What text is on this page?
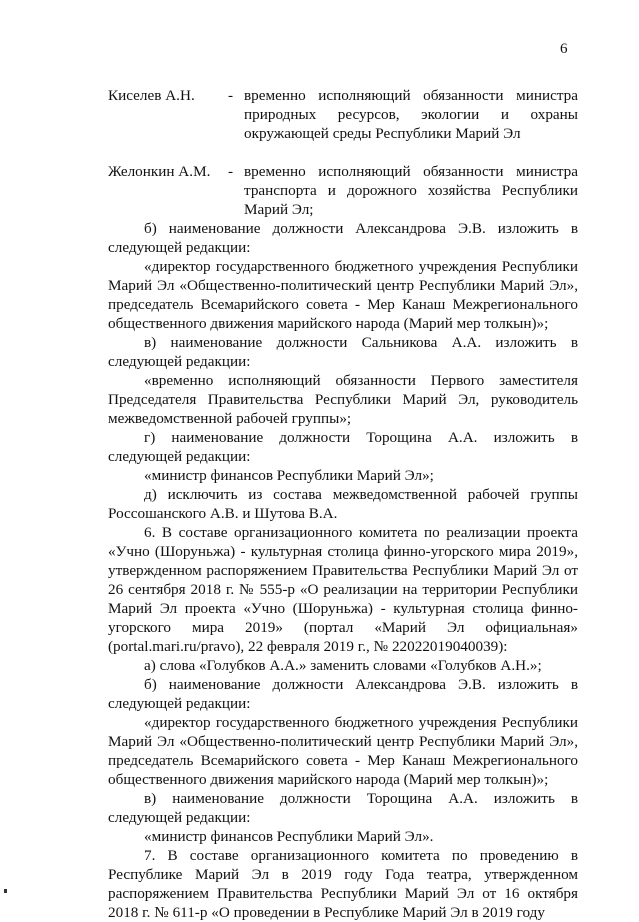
6
Киселев А.Н.	- временно исполняющий обязанности министра природных ресурсов, экологии и охраны окружающей среды Республики Марий Эл
Желонкин А.М.	- временно исполняющий обязанности министра транспорта и дорожного хозяйства Республики Марий Эл;

б) наименование должности Александрова Э.В. изложить в следующей редакции:

«директор государственного бюджетного учреждения Республики Марий Эл «Общественно-политический центр Республики Марий Эл», председатель Всемарийского совета - Мер Канаш Межрегионального общественного движения марийского народа (Марий мер толкын)»;

в) наименование должности Сальникова А.А. изложить в следующей редакции:

«временно исполняющий обязанности Первого заместителя Председателя Правительства Республики Марий Эл, руководитель межведомственной рабочей группы»;

г) наименование должности Торощина А.А. изложить в следующей редакции:

«министр финансов Республики Марий Эл»;

д) исключить из состава межведомственной рабочей группы Россошанского А.В. и Шутова В.А.

6. В составе организационного комитета по реализации проекта «Учно (Шоруньжа) - культурная столица финно-угорского мира 2019», утвержденном распоряжением Правительства Республики Марий Эл от 26 сентября 2018 г. № 555-р «О реализации на территории Республики Марий Эл проекта «Учно (Шоруньжа) - культурная столица финно-угорского мира 2019» (портал «Марий Эл официальная» (portal.mari.ru/pravo), 22 февраля 2019 г., № 22022019040039):

а) слова «Голубков А.А.» заменить словами «Голубков А.Н.»;

б) наименование должности Александрова Э.В. изложить в следующей редакции:

«директор государственного бюджетного учреждения Республики Марий Эл «Общественно-политический центр Республики Марий Эл», председатель Всемарийского совета - Мер Канаш Межрегионального общественного движения марийского народа (Марий мер толкын)»;

в) наименование должности Торощина А.А. изложить в следующей редакции:

«министр финансов Республики Марий Эл».

7. В составе организационного комитета по проведению в Республике Марий Эл в 2019 году Года театра, утвержденном распоряжением Правительства Республики Марий Эл от 16 октября 2018 г. № 611-р «О проведении в Республике Марий Эл в 2019 году
